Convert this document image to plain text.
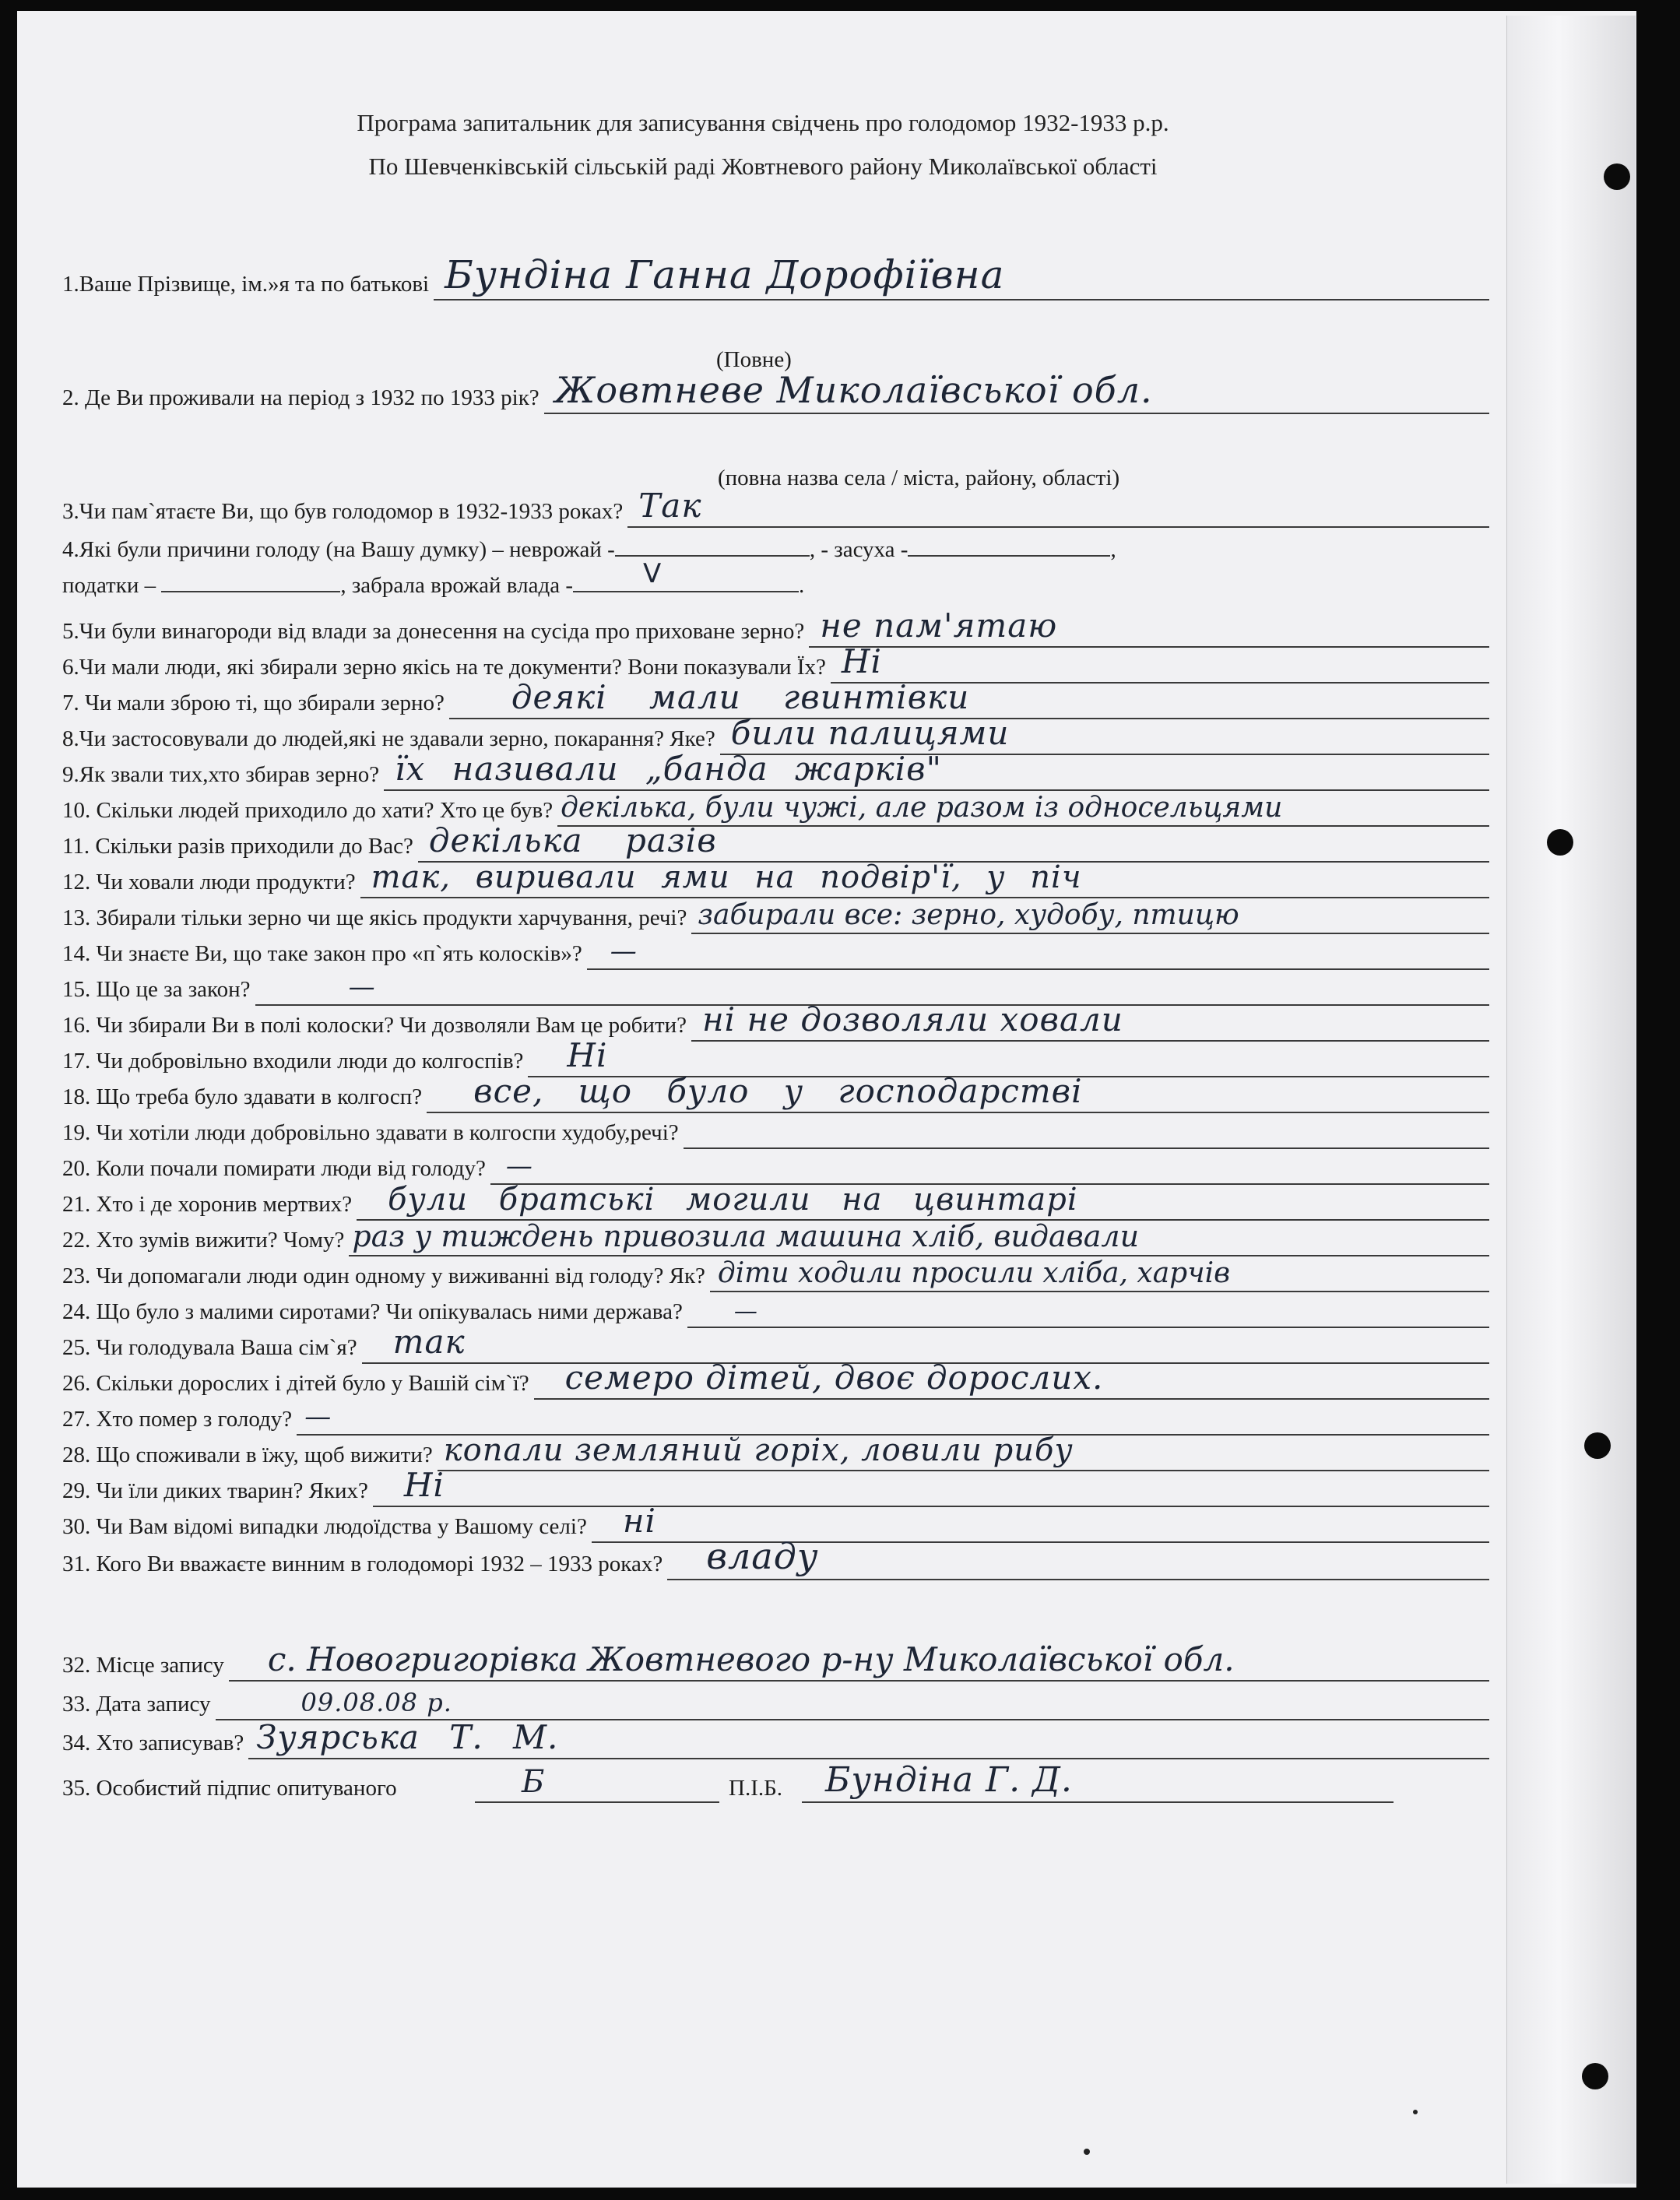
Програма запитальник для записування свідчень про голодомор 1932-1933 р.р.
По Шевченківській сільській раді Жовтневого району Миколаївської області
1.Ваше Прізвище, ім.»я та по батькові Бундіна Ганна Дорофіївна
(Повне)
2. Де Ви проживали на період з 1932 по 1933 рік? Жовтневе Миколаївської обл.
(повна назва села / міста, району, області)
3.Чи пам`ятаєте Ви, що був голодомор в 1932-1933 роках? Так
4.Які були причини голоду (на Вашу думку) – неврожай -	, - засуха -	,
податки –	, забрала врожай влада -	V	.
5.Чи були винагороди від влади за донесення на сусіда про приховане зерно? не пам'ятаю
6.Чи мали люди, які збирали зерно якісь на те документи? Вони показували Їх? Ні
7. Чи мали зброю ті, що збирали зерно? деякі мали гвинтівки
8.Чи застосовували до людей,які не здавали зерно, покарання? Яке? били палицями
9.Як звали тих,хто збирав зерно? їх називали „банда жарків"
10. Скільки людей приходило до хати? Хто це був? декілька, були чужі, але разом із односельцями
11. Скільки разів приходили до Вас? декілька разів
12. Чи ховали люди продукти? так, виривали ями на подвір'ї, у піч
13. Збирали тільки зерно чи ще якісь продукти харчування, речі? забирали все: зерно, худобу, птицю
14. Чи знаєте Ви, що таке закон про «п`ять колосків»? —
15. Що це за закон?	—
16. Чи збирали Ви в полі колоски? Чи дозволяли Вам це робити? ні не дозволяли ховали
17. Чи добровільно входили люди до колгоспів? Ні
18. Що треба було здавати в колгосп? все, що було у господарстві
19. Чи хотіли люди добровільно здавати в колгоспи худобу,речі?
20. Коли почали помирати люди від голоду? —
21. Хто і де хоронив мертвих? були братські могили на цвинтарі
22. Хто зумів вижити? Чому? раз у тиждень привозила машина хліб, видавали
23. Чи допомагали люди один одному у виживанні від голоду? Як? діти ходили просили хліба, харчів
24. Що було з малими сиротами? Чи опікувалась ними держава? —
25. Чи голодувала Ваша сім`я? так
26. Скільки дорослих і дітей було у Вашій сім`ї? семеро дітей, двоє дорослих.
27. Хто помер з голоду? —
28. Що споживали в їжу, щоб вижити? копали земляний горіх, ловили рибу
29. Чи їли диких тварин? Яких? Ні
30. Чи Вам відомі випадки людоїдства у Вашому селі? ні
31. Кого Ви вважаєте винним в голодоморі 1932 – 1933 роках? владу
32. Місце запису с. Новогригорівка Жовтневого р-ну Миколаївської обл.
33. Дата запису	09.08.08 р.
34. Хто записував? Зуярська Т. М.
35. Особистий підпис опитуваного	Б	П.І.Б. Бундіна Г. Д.
